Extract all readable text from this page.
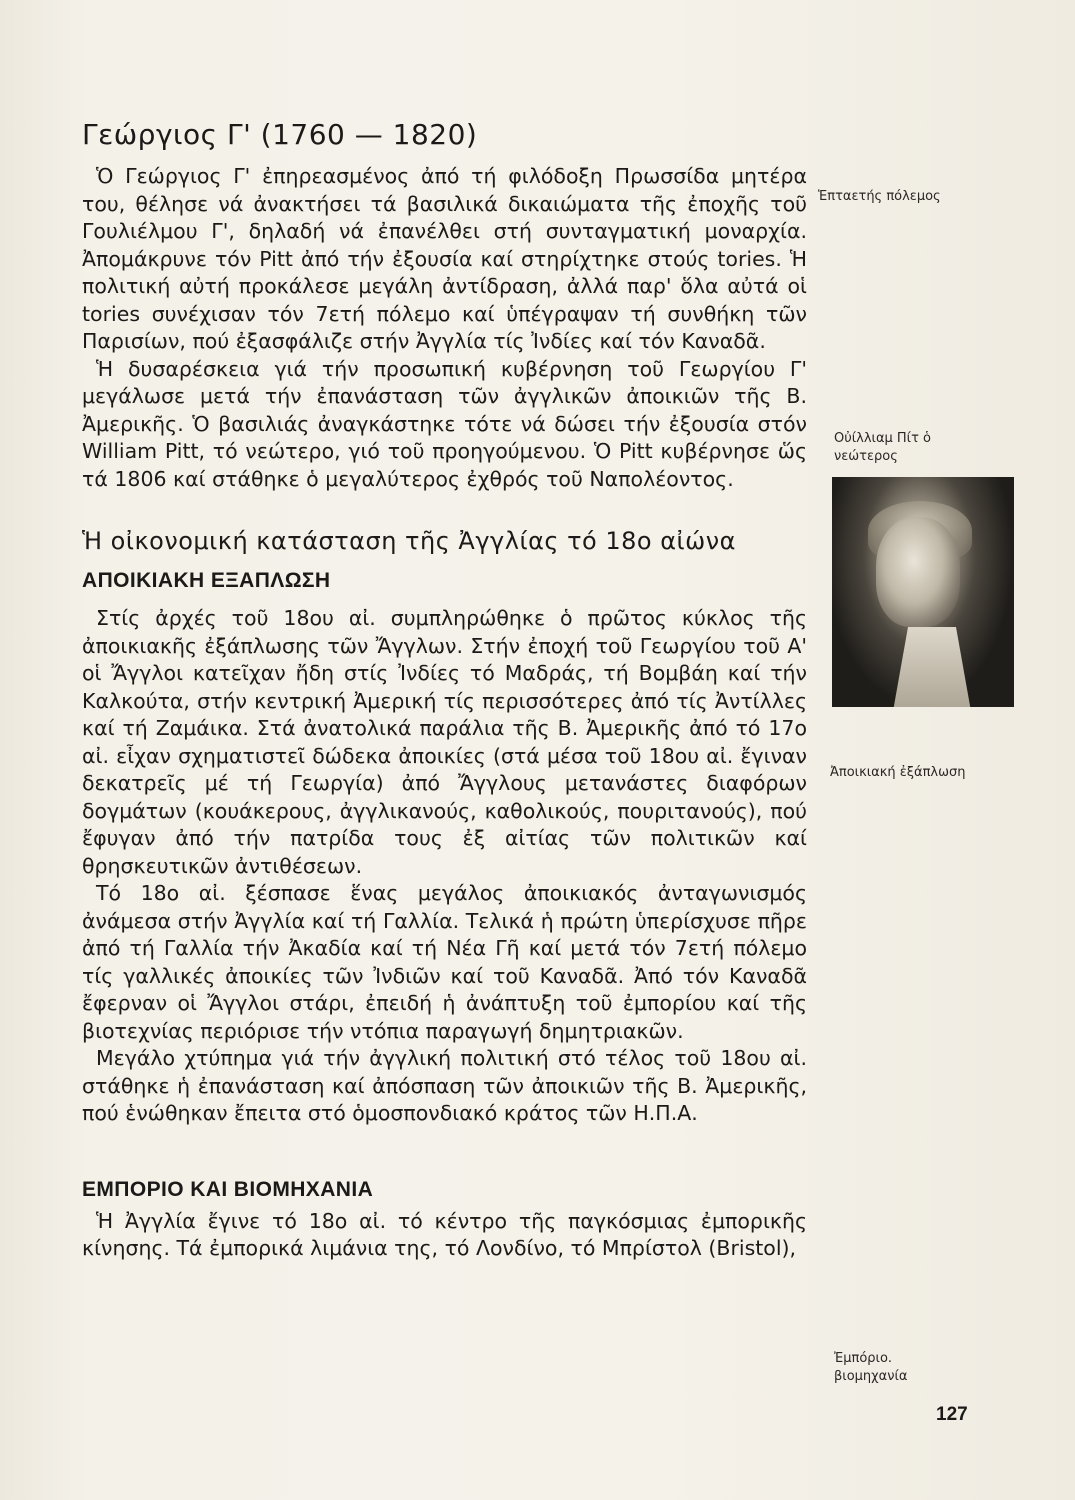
Γεώργιος Γ' (1760 — 1820)

Ὁ Γεώργιος Γ' ἐπηρεασμένος ἀπό τή φιλόδοξη Πρωσσίδα μητέρα του, θέλησε νά ἀνακτήσει τά βασιλικά δικαιώματα τῆς ἐποχῆς τοῦ Γουλιέλμου Γ', δηλαδή νά ἐπανέλθει στή συνταγματική μοναρχία. Ἀπομάκρυνε τόν Pitt ἀπό τήν ἐξουσία καί στηρίχτηκε στούς tories. Ἡ πολιτική αὐτή προκάλεσε μεγάλη ἀντίδραση, ἀλλά παρ' ὅλα αὐτά οἱ tories συνέχισαν τόν 7ετή πόλεμο καί ὑπέγραψαν τή συνθήκη τῶν Παρισίων, πού ἐξασφάλιζε στήν Ἀγγλία τίς Ἰνδίες καί τόν Καναδᾶ.

Ἡ δυσαρέσκεια γιά τήν προσωπική κυβέρνηση τοῦ Γεωργίου Γ' μεγάλωσε μετά τήν ἐπανάσταση τῶν ἀγγλικῶν ἀποικιῶν τῆς Β. Ἀμερικῆς. Ὁ βασιλιάς ἀναγκάστηκε τότε νά δώσει τήν ἐξουσία στόν William Pitt, τό νεώτερο, γιό τοῦ προηγούμενου. Ὁ Pitt κυβέρνησε ὥς τά 1806 καί στάθηκε ὁ μεγαλύτερος ἐχθρός τοῦ Ναπολέοντος.

Ἡ οἰκονομική κατάσταση τῆς Ἀγγλίας τό 18ο αἰώνα
ΑΠΟΙΚΙΑΚΗ ΕΞΑΠΛΩΣΗ

Στίς ἀρχές τοῦ 18ου αἰ. συμπληρώθηκε ὁ πρῶτος κύκλος τῆς ἀποικιακῆς ἐξάπλωσης τῶν Ἄγγλων. Στήν ἐποχή τοῦ Γεωργίου τοῦ Α' οἱ Ἄγγλοι κατεῖχαν ἤδη στίς Ἰνδίες τό Μαδράς, τή Βομβάη καί τήν Καλκούτα, στήν κεντρική Ἀμερική τίς περισσότερες ἀπό τίς Ἀντίλλες καί τή Ζαμάικα. Στά ἀνατολικά παράλια τῆς Β. Ἀμερικῆς ἀπό τό 17ο αἰ. εἶχαν σχηματιστεῖ δώδεκα ἀποικίες (στά μέσα τοῦ 18ου αἰ. ἔγιναν δεκατρεῖς μέ τή Γεωργία) ἀπό Ἄγγλους μετανάστες διαφόρων δογμάτων (κουάκερους, ἀγγλικανούς, καθολικούς, πουριτανούς), πού ἔφυγαν ἀπό τήν πατρίδα τους ἐξ αἰτίας τῶν πολιτικῶν καί θρησκευτικῶν ἀντιθέσεων.

Τό 18ο αἰ. ξέσπασε ἕνας μεγάλος ἀποικιακός ἀνταγωνισμός ἀνάμεσα στήν Ἀγγλία καί τή Γαλλία. Τελικά ἡ πρώτη ὑπερίσχυσε πῆρε ἀπό τή Γαλλία τήν Ἀκαδία καί τή Νέα Γῆ καί μετά τόν 7ετή πόλεμο τίς γαλλικές ἀποικίες τῶν Ἰνδιῶν καί τοῦ Καναδᾶ. Ἀπό τόν Καναδᾶ ἔφερναν οἱ Ἄγγλοι στάρι, ἐπειδή ἡ ἀνάπτυξη τοῦ ἐμπορίου καί τῆς βιοτεχνίας περιόρισε τήν ντόπια παραγωγή δημητριακῶν.

Μεγάλο χτύπημα γιά τήν ἀγγλική πολιτική στό τέλος τοῦ 18ου αἰ. στάθηκε ἡ ἐπανάσταση καί ἀπόσπαση τῶν ἀποικιῶν τῆς Β. Ἀμερικῆς, πού ἑνώθηκαν ἔπειτα στό ὁμοσπονδιακό κράτος τῶν Η.Π.Α.

ΕΜΠΟΡΙΟ ΚΑΙ ΒΙΟΜΗΧΑΝΙΑ

Ἡ Ἀγγλία ἔγινε τό 18ο αἰ. τό κέντρο τῆς παγκόσμιας ἐμπορικῆς κίνησης. Τά ἐμπορικά λιμάνια της, τό Λονδίνο, τό Μπρίστολ (Bristol),

Ἑπταετής πόλεμος
Οὐίλλιαμ Πίτ ὁ
νεώτερος
Ἀποικιακή ἐξάπλωση
Ἐμπόριο.
βιομηχανία
127
